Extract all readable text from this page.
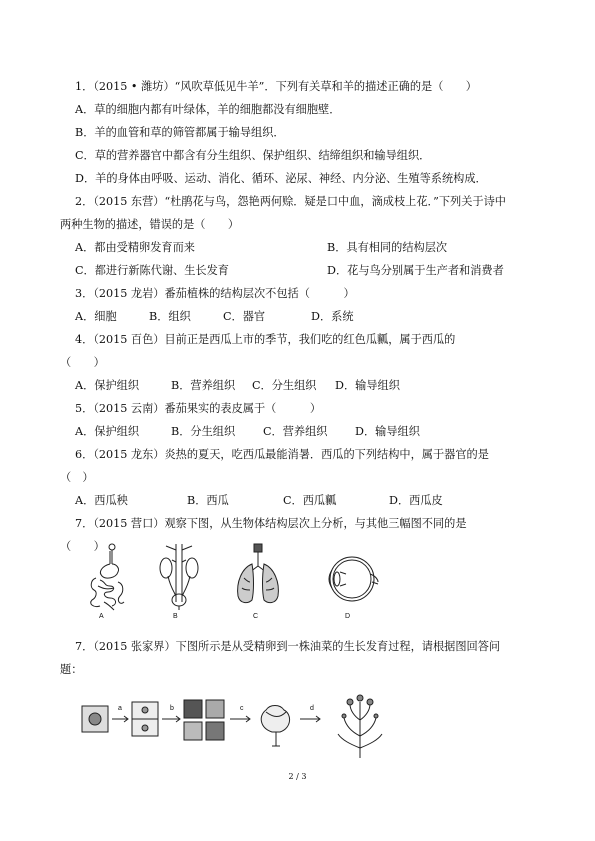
1．（2015 • 潍坊）“风吹草低见牛羊”．下列有关草和羊的描述正确的是（　　）
A．草的细胞内都有叶绿体，羊的细胞都没有细胞壁．
B．羊的血管和草的筛管都属于输导组织．
C．草的营养器官中都含有分生组织、保护组织、结缔组织和输导组织．
D．羊的身体由呼吸、运动、消化、循环、泌尿、神经、内分泌、生殖等系统构成．
2．（2015 东营）“杜鹃花与鸟，怨艳两何赊．疑是口中血，滴成枝上花．”下列关于诗中
两种生物的描述，错误的是（　　）
A．都由受精卵发育而来	B．具有相同的结构层次
C．都进行新陈代谢、生长发育	D．花与鸟分别属于生产者和消费者
3．（2015 龙岩）番茄植株的结构层次不包括（　　　）
A．细胞	B．组织	C．器官	D．系统
4．（2015 百色）目前正是西瓜上市的季节，我们吃的红色瓜瓤，属于西瓜的
（　　）
A．保护组织	B．营养组织 C．分生组织 D．输导组织
5．（2015 云南）番茄果实的表皮属于（　　　）
A．保护组织	B．分生组织 C．营养组织 D．输导组织
6．（2015 龙东）炎热的夏天，吃西瓜最能消暑．西瓜的下列结构中，属于器官的是
（　）
A．西瓜秧	B．西瓜	C．西瓜瓤	D．西瓜皮
7．（2015 营口）观察下图，从生物体结构层次上分析，与其他三幅图不同的是
（　　）
A	B	C	D
7．（2015 张家界）下图所示是从受精卵到一株油菜的生长发育过程，请根据图回答问
题：
a	b	c	d
2 / 3
